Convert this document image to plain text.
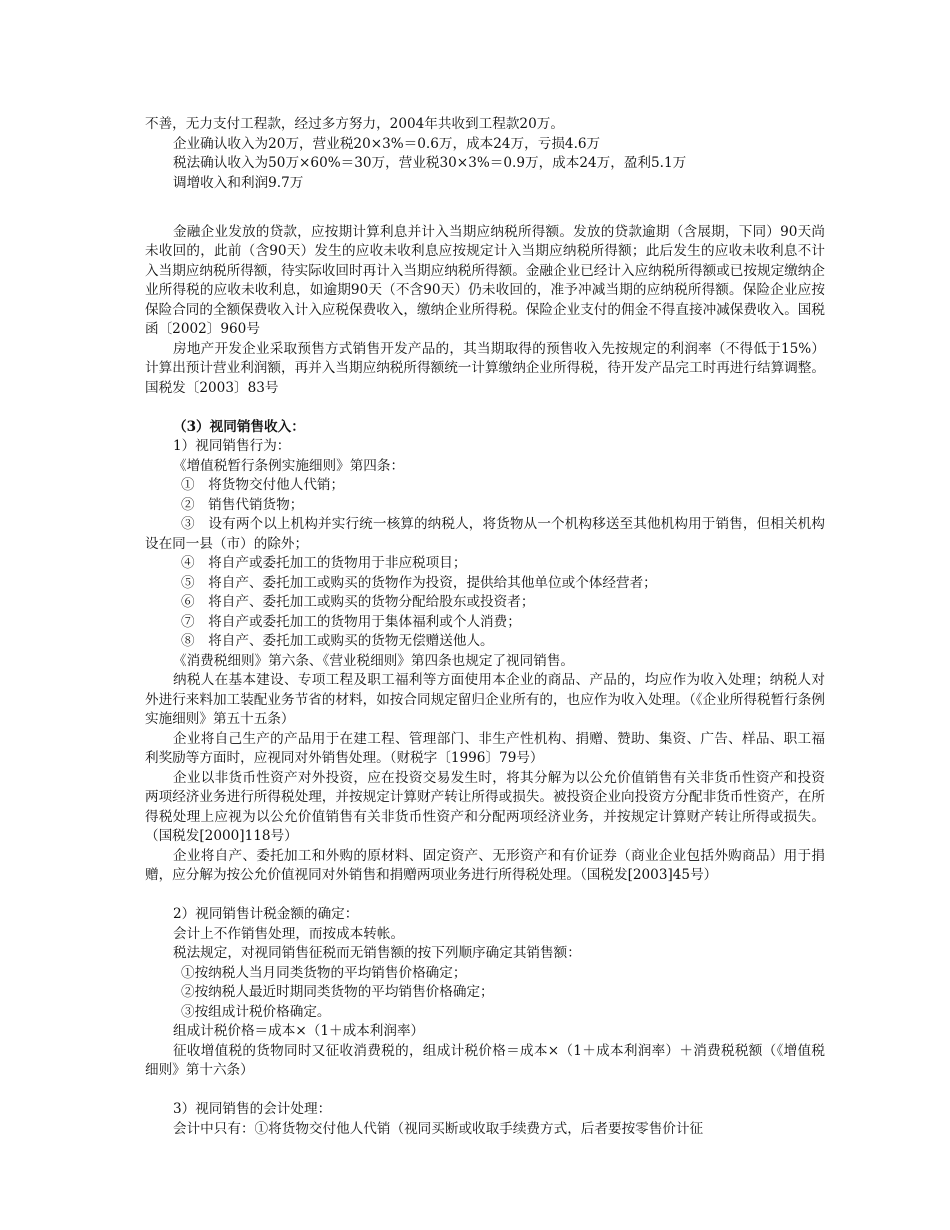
不善，无力支付工程款，经过多方努力，2004年共收到工程款20万。

企业确认收入为20万，营业税20×3%＝0.6万，成本24万，亏损4.6万

税法确认收入为50万×60%＝30万，营业税30×3%＝0.9万，成本24万，盈利5.1万

调增收入和利润9.7万

金融企业发放的贷款，应按期计算利息并计入当期应纳税所得额。发放的贷款逾期（含展期，下同）90天尚未收回的，此前（含90天）发生的应收未收利息应按规定计入当期应纳税所得额；此后发生的应收未收利息不计入当期应纳税所得额，待实际收回时再计入当期应纳税所得额。金融企业已经计入应纳税所得额或已按规定缴纳企业所得税的应收未收利息，如逾期90天（不含90天）仍未收回的，准予冲减当期的应纳税所得额。保险企业应按保险合同的全额保费收入计入应税保费收入，缴纳企业所得税。保险企业支付的佣金不得直接冲减保费收入。国税函〔2002〕960号

房地产开发企业采取预售方式销售开发产品的，其当期取得的预售收入先按规定的利润率（不得低于15%）计算出预计营业利润额，再并入当期应纳税所得额统一计算缴纳企业所得税，待开发产品完工时再进行结算调整。国税发〔2003〕83号

（3）视同销售收入：

1）视同销售行为：

《增值税暂行条例实施细则》第四条：

①　将货物交付他人代销；

②　销售代销货物；

③　设有两个以上机构并实行统一核算的纳税人，将货物从一个机构移送至其他机构用于销售，但相关机构设在同一县（市）的除外；

④　将自产或委托加工的货物用于非应税项目；

⑤　将自产、委托加工或购买的货物作为投资，提供给其他单位或个体经营者；

⑥　将自产、委托加工或购买的货物分配给股东或投资者；

⑦　将自产或委托加工的货物用于集体福利或个人消费；

⑧　将自产、委托加工或购买的货物无偿赠送他人。

《消费税细则》第六条、《营业税细则》第四条也规定了视同销售。

纳税人在基本建设、专项工程及职工福利等方面使用本企业的商品、产品的，均应作为收入处理；纳税人对外进行来料加工装配业务节省的材料，如按合同规定留归企业所有的，也应作为收入处理。（《企业所得税暂行条例实施细则》第五十五条）

企业将自己生产的产品用于在建工程、管理部门、非生产性机构、捐赠、赞助、集资、广告、样品、职工福利奖励等方面时，应视同对外销售处理。（财税字〔1996〕79号）

企业以非货币性资产对外投资，应在投资交易发生时，将其分解为以公允价值销售有关非货币性资产和投资两项经济业务进行所得税处理，并按规定计算财产转让所得或损失。被投资企业向投资方分配非货币性资产，在所得税处理上应视为以公允价值销售有关非货币性资产和分配两项经济业务，并按规定计算财产转让所得或损失。（国税发[2000]118号）

企业将自产、委托加工和外购的原材料、固定资产、无形资产和有价证券（商业企业包括外购商品）用于捐赠，应分解为按公允价值视同对外销售和捐赠两项业务进行所得税处理。（国税发[2003]45号）

2）视同销售计税金额的确定：

会计上不作销售处理，而按成本转帐。

税法规定，对视同销售征税而无销售额的按下列顺序确定其销售额：

①按纳税人当月同类货物的平均销售价格确定；

②按纳税人最近时期同类货物的平均销售价格确定；

③按组成计税价格确定。

组成计税价格＝成本×（1＋成本利润率）

征收增值税的货物同时又征收消费税的，组成计税价格＝成本×（1＋成本利润率）＋消费税税额（《增值税细则》第十六条）

3）视同销售的会计处理：

会计中只有：①将货物交付他人代销（视同买断或收取手续费方式，后者要按零售价计征
